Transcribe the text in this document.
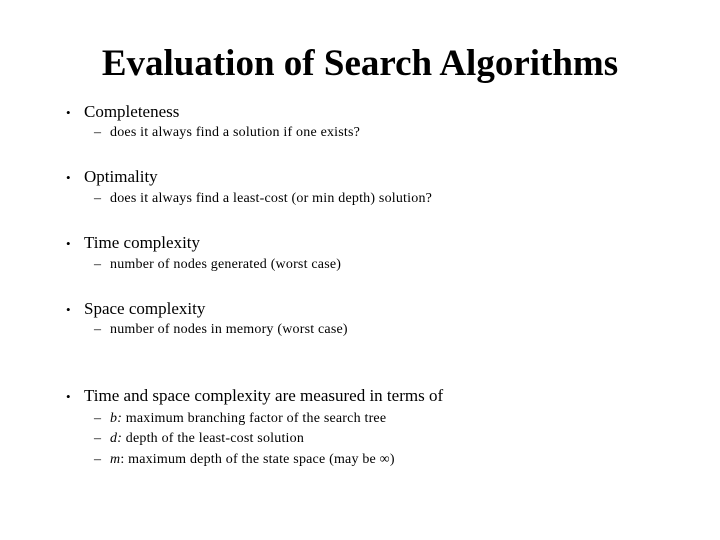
Evaluation of Search Algorithms
• Completeness
– does it always find a solution if one exists?
• Optimality
– does it always find a least-cost (or min depth) solution?
• Time complexity
– number of nodes generated (worst case)
• Space complexity
– number of nodes in memory (worst case)
• Time and space complexity are measured in terms of
– b: maximum branching factor of the search tree
– d: depth of the least-cost solution
– m: maximum depth of the state space (may be ∞)
